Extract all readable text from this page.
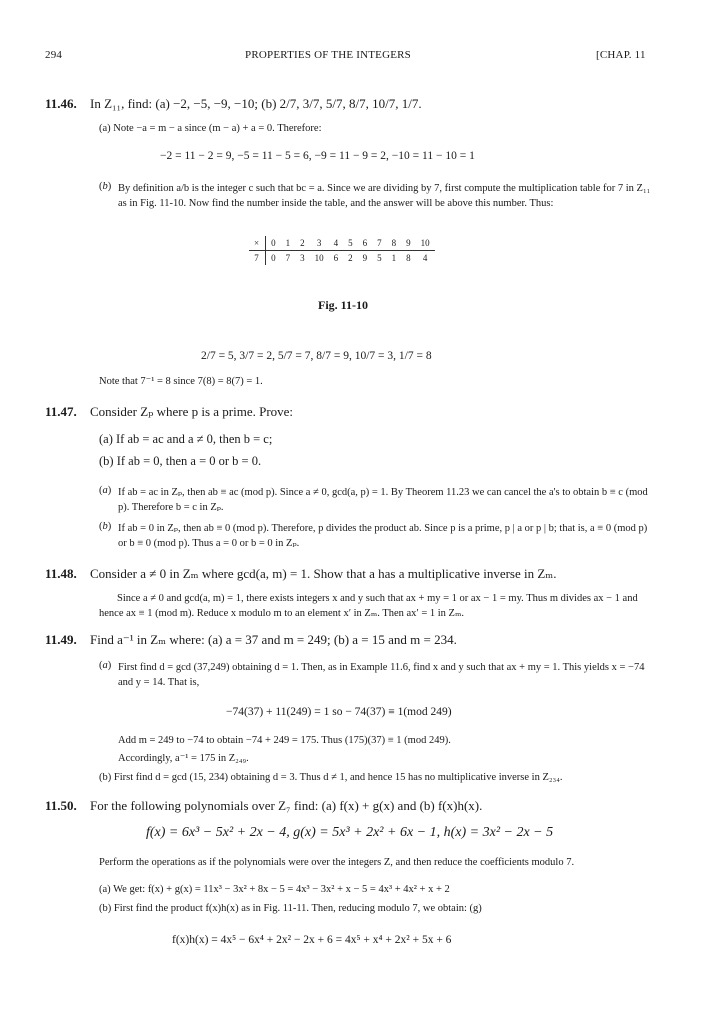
294	PROPERTIES OF THE INTEGERS	[CHAP. 11
11.46. In Z₁₁, find: (a) −2, −5, −9, −10; (b) 2/7, 3/7, 5/7, 8/7, 10/7, 1/7.
(a) Note −a = m − a since (m − a) + a = 0. Therefore:
−2 = 11 − 2 = 9, −5 = 11 − 5 = 6, −9 = 11 − 9 = 2, −10 = 11 − 10 = 1
(b) By definition a/b is the integer c such that bc = a. Since we are dividing by 7, first compute the multiplication table for 7 in Z₁₁ as in Fig. 11-10. Now find the number inside the table, and the answer will be above this number. Thus:
×	0	1	2	3	4	5	6	7	8	9	10
7	0	7	3	10	6	2	9	5	1	8	4
Fig. 11-10
2/7 = 5, 3/7 = 2, 5/7 = 7, 8/7 = 9, 10/7 = 3, 1/7 = 8
Note that 7⁻¹ = 8 since 7(8) = 8(7) = 1.
11.47. Consider Zₚ where p is a prime. Prove:
(a) If ab = ac and a ≠ 0, then b = c;
(b) If ab = 0, then a = 0 or b = 0.
(a) If ab = ac in Zₚ, then ab ≡ ac (mod p). Since a ≠ 0, gcd(a, p) = 1. By Theorem 11.23 we can cancel the a's to obtain b ≡ c (mod p). Therefore b = c in Zₚ.
(b) If ab = 0 in Zₚ, then ab ≡ 0 (mod p). Therefore, p divides the product ab. Since p is a prime, p | a or p | b; that is, a ≡ 0 (mod p) or b ≡ 0 (mod p). Thus a = 0 or b = 0 in Zₚ.
11.48. Consider a ≠ 0 in Zₘ where gcd(a, m) = 1. Show that a has a multiplicative inverse in Zₘ.
Since a ≠ 0 and gcd(a, m) = 1, there exists integers x and y such that ax + my = 1 or ax − 1 = my. Thus m divides ax − 1 and hence ax ≡ 1 (mod m). Reduce x modulo m to an element x′ in Zₘ. Then ax′ = 1 in Zₘ.
11.49. Find a⁻¹ in Zₘ where: (a) a = 37 and m = 249; (b) a = 15 and m = 234.
(a) First find d = gcd (37,249) obtaining d = 1. Then, as in Example 11.6, find x and y such that ax + my = 1. This yields x = −74 and y = 14. That is,
−74(37) + 11(249) = 1 so − 74(37) ≡ 1(mod 249)
Add m = 249 to −74 to obtain −74 + 249 = 175. Thus (175)(37) ≡ 1 (mod 249).
Accordingly, a⁻¹ = 175 in Z₂₄₉.
(b) First find d = gcd (15, 234) obtaining d = 3. Thus d ≠ 1, and hence 15 has no multiplicative inverse in Z₂₃₄.
11.50. For the following polynomials over Z₇ find: (a) f(x) + g(x) and (b) f(x)h(x).
f(x) = 6x³ − 5x² + 2x − 4, g(x) = 5x³ + 2x² + 6x − 1, h(x) = 3x² − 2x − 5
Perform the operations as if the polynomials were over the integers Z, and then reduce the coefficients modulo 7.
(a) We get: f(x) + g(x) = 11x³ − 3x² + 8x − 5 = 4x³ − 3x² + x − 5 = 4x³ + 4x² + x + 2
(b) First find the product f(x)h(x) as in Fig. 11-11. Then, reducing modulo 7, we obtain: (g)
f(x)h(x) = 4x⁵ − 6x⁴ + 2x² − 2x + 6 = 4x⁵ + x⁴ + 2x² + 5x + 6
